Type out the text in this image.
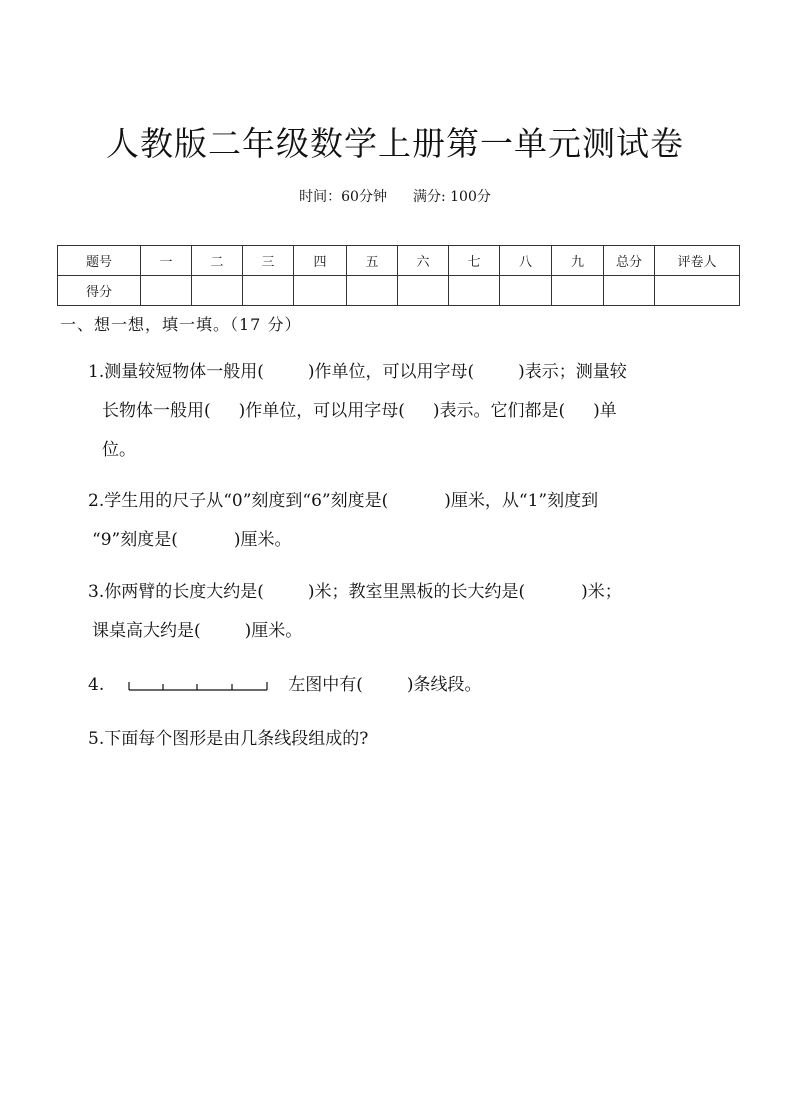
人教版二年级数学上册第一单元测试卷
时间：60分钟 满分: 100分
题号	一	二	三	四	五	六	七	八	九	总分	评卷人
得分											
一、想一想，填一填。（17 分）
1.测量较短物体一般用(	)作单位，可以用字母(	)表示；测量较
长物体一般用( )作单位，可以用字母( )表示。它们都是( )单
位。
2.学生用的尺子从“0”刻度到“6”刻度是(	)厘米，从“1”刻度到
“9”刻度是(	)厘米。
3.你两臂的长度大约是(	)米；教室里黑板的长大约是(	)米；
课桌高大约是(	)厘米。
4.	左图中有(	)条线段。
5.下面每个图形是由几条线段组成的?
